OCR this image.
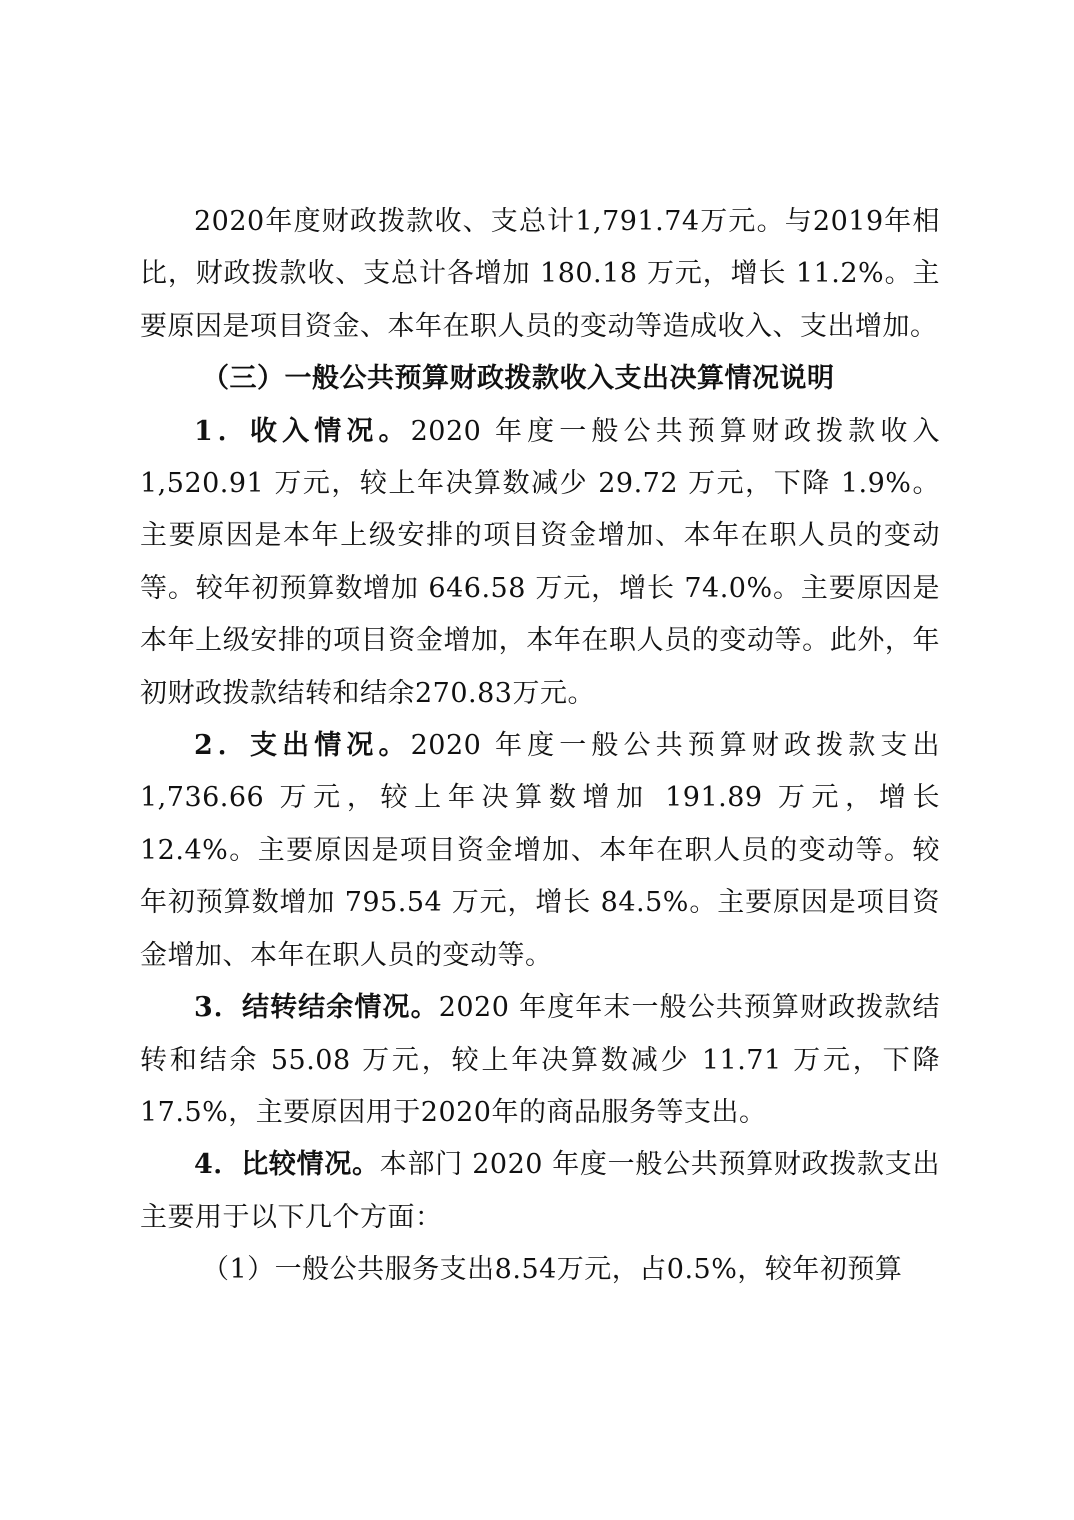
2020年度财政拨款收、支总计1,791.74万元。与2019年相比，财政拨款收、支总计各增加 180.18 万元，增长 11.2%。主要原因是项目资金、本年在职人员的变动等造成收入、支出增加。

（三）一般公共预算财政拨款收入支出决算情况说明

1．收入情况。2020 年度一般公共预算财政拨款收入1,520.91 万元，较上年决算数减少 29.72 万元，下降 1.9%。主要原因是本年上级安排的项目资金增加、本年在职人员的变动等。较年初预算数增加 646.58 万元，增长 74.0%。主要原因是本年上级安排的项目资金增加，本年在职人员的变动等。此外，年初财政拨款结转和结余270.83万元。

2．支出情况。2020 年度一般公共预算财政拨款支出1,736.66 万元，较上年决算数增加 191.89 万元，增长 12.4%。主要原因是项目资金增加、本年在职人员的变动等。较年初预算数增加 795.54 万元，增长 84.5%。主要原因是项目资金增加、本年在职人员的变动等。

3．结转结余情况。2020 年度年末一般公共预算财政拨款结转和结余 55.08 万元，较上年决算数减少 11.71 万元，下降17.5%，主要原因用于2020年的商品服务等支出。

4．比较情况。本部门 2020 年度一般公共预算财政拨款支出主要用于以下几个方面：

（1）一般公共服务支出8.54万元，占0.5%，较年初预算
